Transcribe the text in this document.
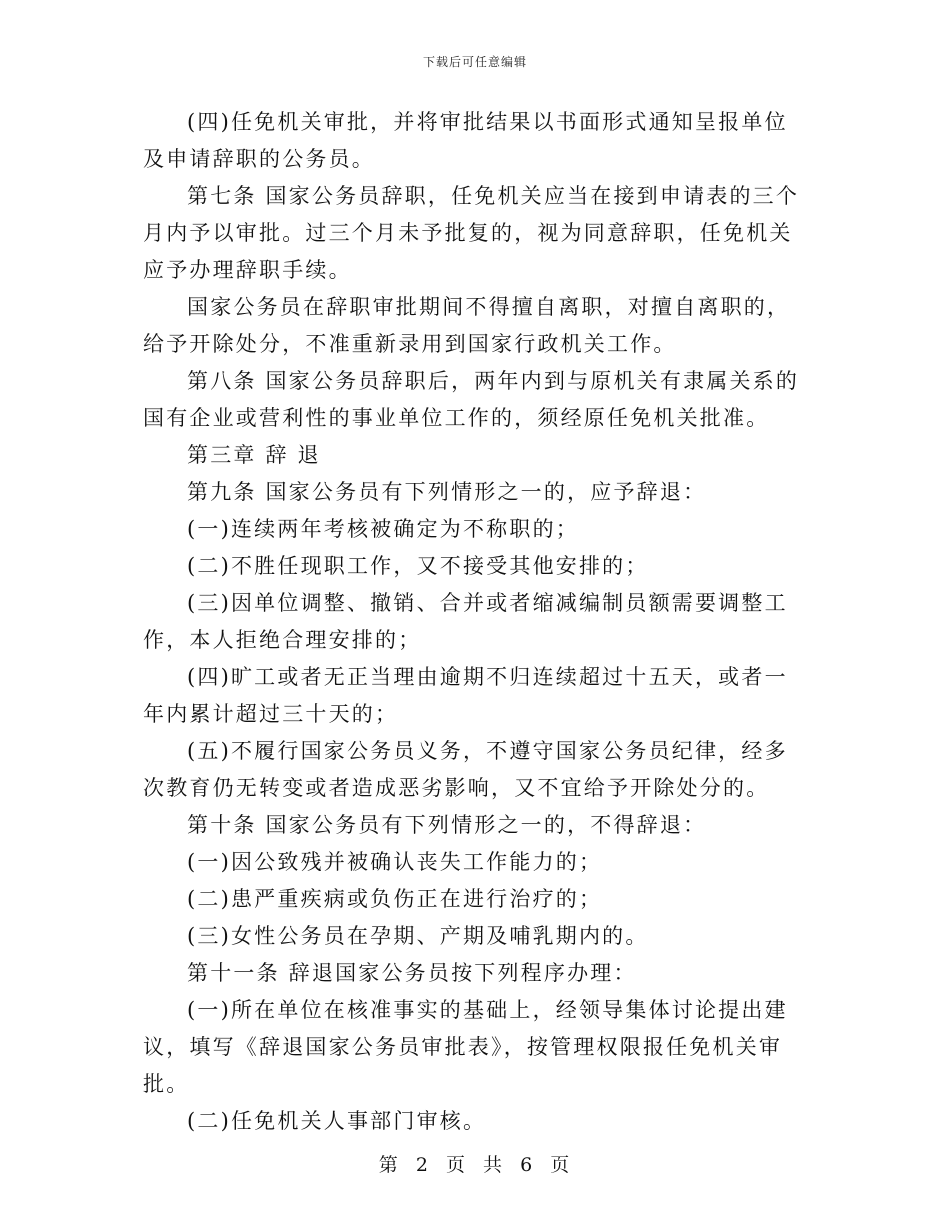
下载后可任意编辑

(四)任免机关审批，并将审批结果以书面形式通知呈报单位及申请辞职的公务员。

第七条 国家公务员辞职，任免机关应当在接到申请表的三个月内予以审批。过三个月未予批复的，视为同意辞职，任免机关应予办理辞职手续。

国家公务员在辞职审批期间不得擅自离职，对擅自离职的，给予开除处分，不准重新录用到国家行政机关工作。

第八条 国家公务员辞职后，两年内到与原机关有隶属关系的国有企业或营利性的事业单位工作的，须经原任免机关批准。

第三章 辞 退

第九条 国家公务员有下列情形之一的，应予辞退：

(一)连续两年考核被确定为不称职的；

(二)不胜任现职工作，又不接受其他安排的；

(三)因单位调整、撤销、合并或者缩减编制员额需要调整工作，本人拒绝合理安排的；

(四)旷工或者无正当理由逾期不归连续超过十五天，或者一年内累计超过三十天的；

(五)不履行国家公务员义务，不遵守国家公务员纪律，经多次教育仍无转变或者造成恶劣影响，又不宜给予开除处分的。

第十条 国家公务员有下列情形之一的，不得辞退：

(一)因公致残并被确认丧失工作能力的；

(二)患严重疾病或负伤正在进行治疗的；

(三)女性公务员在孕期、产期及哺乳期内的。

第十一条 辞退国家公务员按下列程序办理：

(一)所在单位在核准事实的基础上，经领导集体讨论提出建议，填写《辞退国家公务员审批表》，按管理权限报任免机关审批。

(二)任免机关人事部门审核。

第 2 页 共 6 页
